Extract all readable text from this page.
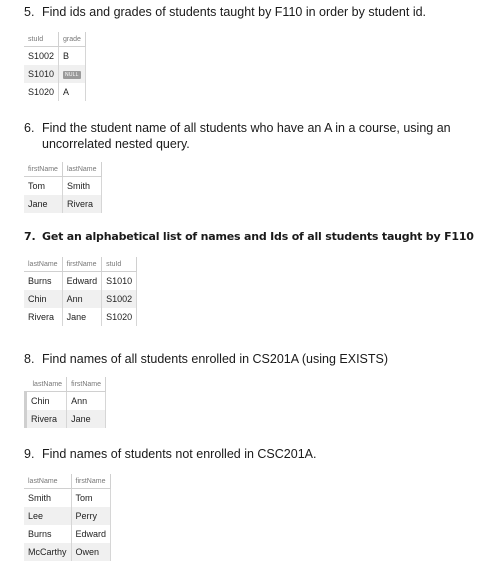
5. Find ids and grades of students taught by F110 in order by student id.
stuId	grade
S1002	B
S1010	NULL
S1020	A
6. Find the student name of all students who have an A in a course, using an
uncorrelated nested query.
firstName	lastName
Tom	Smith
Jane	Rivera
7. Get an alphabetical list of names and Ids of all students taught by F110
lastName	firstName	stuId
Burns	Edward	S1010
Chin	Ann	S1002
Rivera	Jane	S1020
8. Find names of all students enrolled in CS201A (using EXISTS)
lastName	firstName
Chin	Ann
Rivera	Jane
9. Find names of students not enrolled in CSC201A.
lastName	firstName
Smith	Tom
Lee	Perry
Burns	Edward
McCarthy	Owen
